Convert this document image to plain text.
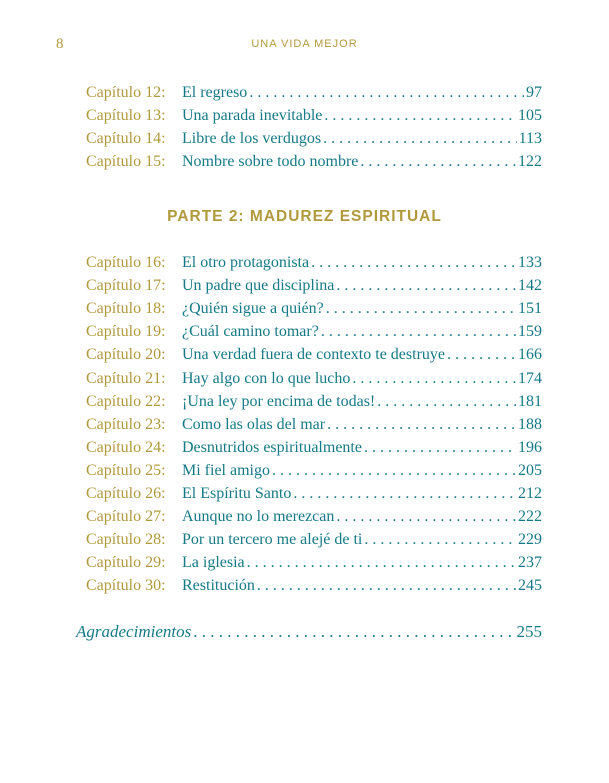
8	UNA VIDA MEJOR
Capítulo 12:	El regreso . . .	97
Capítulo 13:	Una parada inevitable . . .	105
Capítulo 14:	Libre de los verdugos . . .	113
Capítulo 15:	Nombre sobre todo nombre . . .	122
PARTE 2: MADUREZ ESPIRITUAL
Capítulo 16:	El otro protagonista . . .	133
Capítulo 17:	Un padre que disciplina . . .	142
Capítulo 18:	¿Quién sigue a quién? . . .	151
Capítulo 19:	¿Cuál camino tomar? . . .	159
Capítulo 20:	Una verdad fuera de contexto te destruye . . .	166
Capítulo 21:	Hay algo con lo que lucho . . .	174
Capítulo 22:	¡Una ley por encima de todas! . . .	181
Capítulo 23:	Como las olas del mar . . .	188
Capítulo 24:	Desnutridos espiritualmente . . .	196
Capítulo 25:	Mi fiel amigo . . .	205
Capítulo 26:	El Espíritu Santo . . .	212
Capítulo 27:	Aunque no lo merezcan . . .	222
Capítulo 28:	Por un tercero me alejé de ti . . .	229
Capítulo 29:	La iglesia . . .	237
Capítulo 30:	Restitución . . .	245
Agradecimientos . . .	255
